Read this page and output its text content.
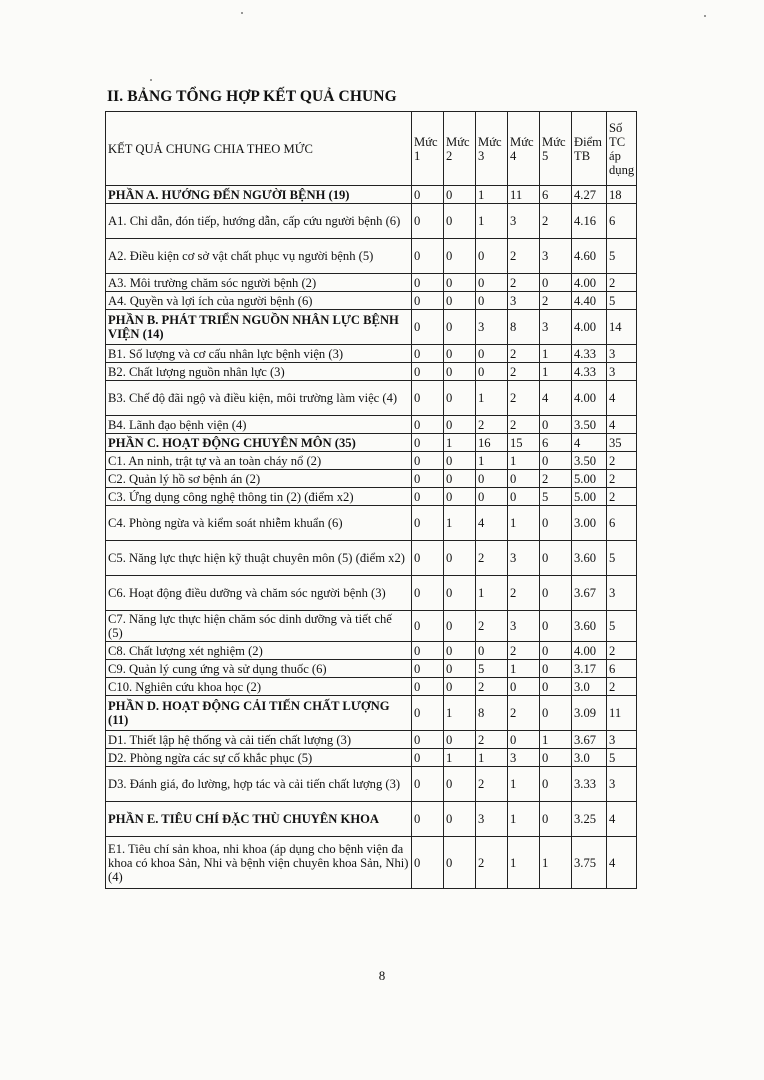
II. BẢNG TỔNG HỢP KẾT QUẢ CHUNG
KẾT QUẢ CHUNG CHIA THEO MỨC	Mức 1	Mức 2	Mức 3	Mức 4	Mức 5	Điểm TB	Số TC áp dụng
PHẦN A. HƯỚNG ĐẾN NGƯỜI BỆNH (19)	0	0	1	11	6	4.27	18
A1. Chỉ dẫn, đón tiếp, hướng dẫn, cấp cứu người bệnh (6)	0	0	1	3	2	4.16	6
A2. Điều kiện cơ sở vật chất phục vụ người bệnh (5)	0	0	0	2	3	4.60	5
A3. Môi trường chăm sóc người bệnh (2)	0	0	0	2	0	4.00	2
A4. Quyền và lợi ích của người bệnh (6)	0	0	0	3	2	4.40	5
PHẦN B. PHÁT TRIỂN NGUỒN NHÂN LỰC BỆNH VIỆN (14)	0	0	3	8	3	4.00	14
B1. Số lượng và cơ cấu nhân lực bệnh viện (3)	0	0	0	2	1	4.33	3
B2. Chất lượng nguồn nhân lực (3)	0	0	0	2	1	4.33	3
B3. Chế độ đãi ngộ và điều kiện, môi trường làm việc (4)	0	0	1	2	4	4.00	4
B4. Lãnh đạo bệnh viện (4)	0	0	2	2	0	3.50	4
PHẦN C. HOẠT ĐỘNG CHUYÊN MÔN (35)	0	1	16	15	6	4	35
C1. An ninh, trật tự và an toàn cháy nổ (2)	0	0	1	1	0	3.50	2
C2. Quản lý hồ sơ bệnh án (2)	0	0	0	0	2	5.00	2
C3. Ứng dụng công nghệ thông tin (2) (điểm x2)	0	0	0	0	5	5.00	2
C4. Phòng ngừa và kiểm soát nhiễm khuẩn (6)	0	1	4	1	0	3.00	6
C5. Năng lực thực hiện kỹ thuật chuyên môn (5) (điểm x2)	0	0	2	3	0	3.60	5
C6. Hoạt động điều dưỡng và chăm sóc người bệnh (3)	0	0	1	2	0	3.67	3
C7. Năng lực thực hiện chăm sóc dinh dưỡng và tiết chế (5)	0	0	2	3	0	3.60	5
C8. Chất lượng xét nghiệm (2)	0	0	0	2	0	4.00	2
C9. Quản lý cung ứng và sử dụng thuốc (6)	0	0	5	1	0	3.17	6
C10. Nghiên cứu khoa học (2)	0	0	2	0	0	3.0	2
PHẦN D. HOẠT ĐỘNG CẢI TIẾN CHẤT LƯỢNG (11)	0	1	8	2	0	3.09	11
D1. Thiết lập hệ thống và cải tiến chất lượng (3)	0	0	2	0	1	3.67	3
D2. Phòng ngừa các sự cố khắc phục (5)	0	1	1	3	0	3.0	5
D3. Đánh giá, đo lường, hợp tác và cải tiến chất lượng (3)	0	0	2	1	0	3.33	3
PHẦN E. TIÊU CHÍ ĐẶC THÙ CHUYÊN KHOA	0	0	3	1	0	3.25	4
E1. Tiêu chí sản khoa, nhi khoa (áp dụng cho bệnh viện đa khoa có khoa Sản, Nhi và bệnh viện chuyên khoa Sản, Nhi) (4)	0	0	2	1	1	3.75	4
8
